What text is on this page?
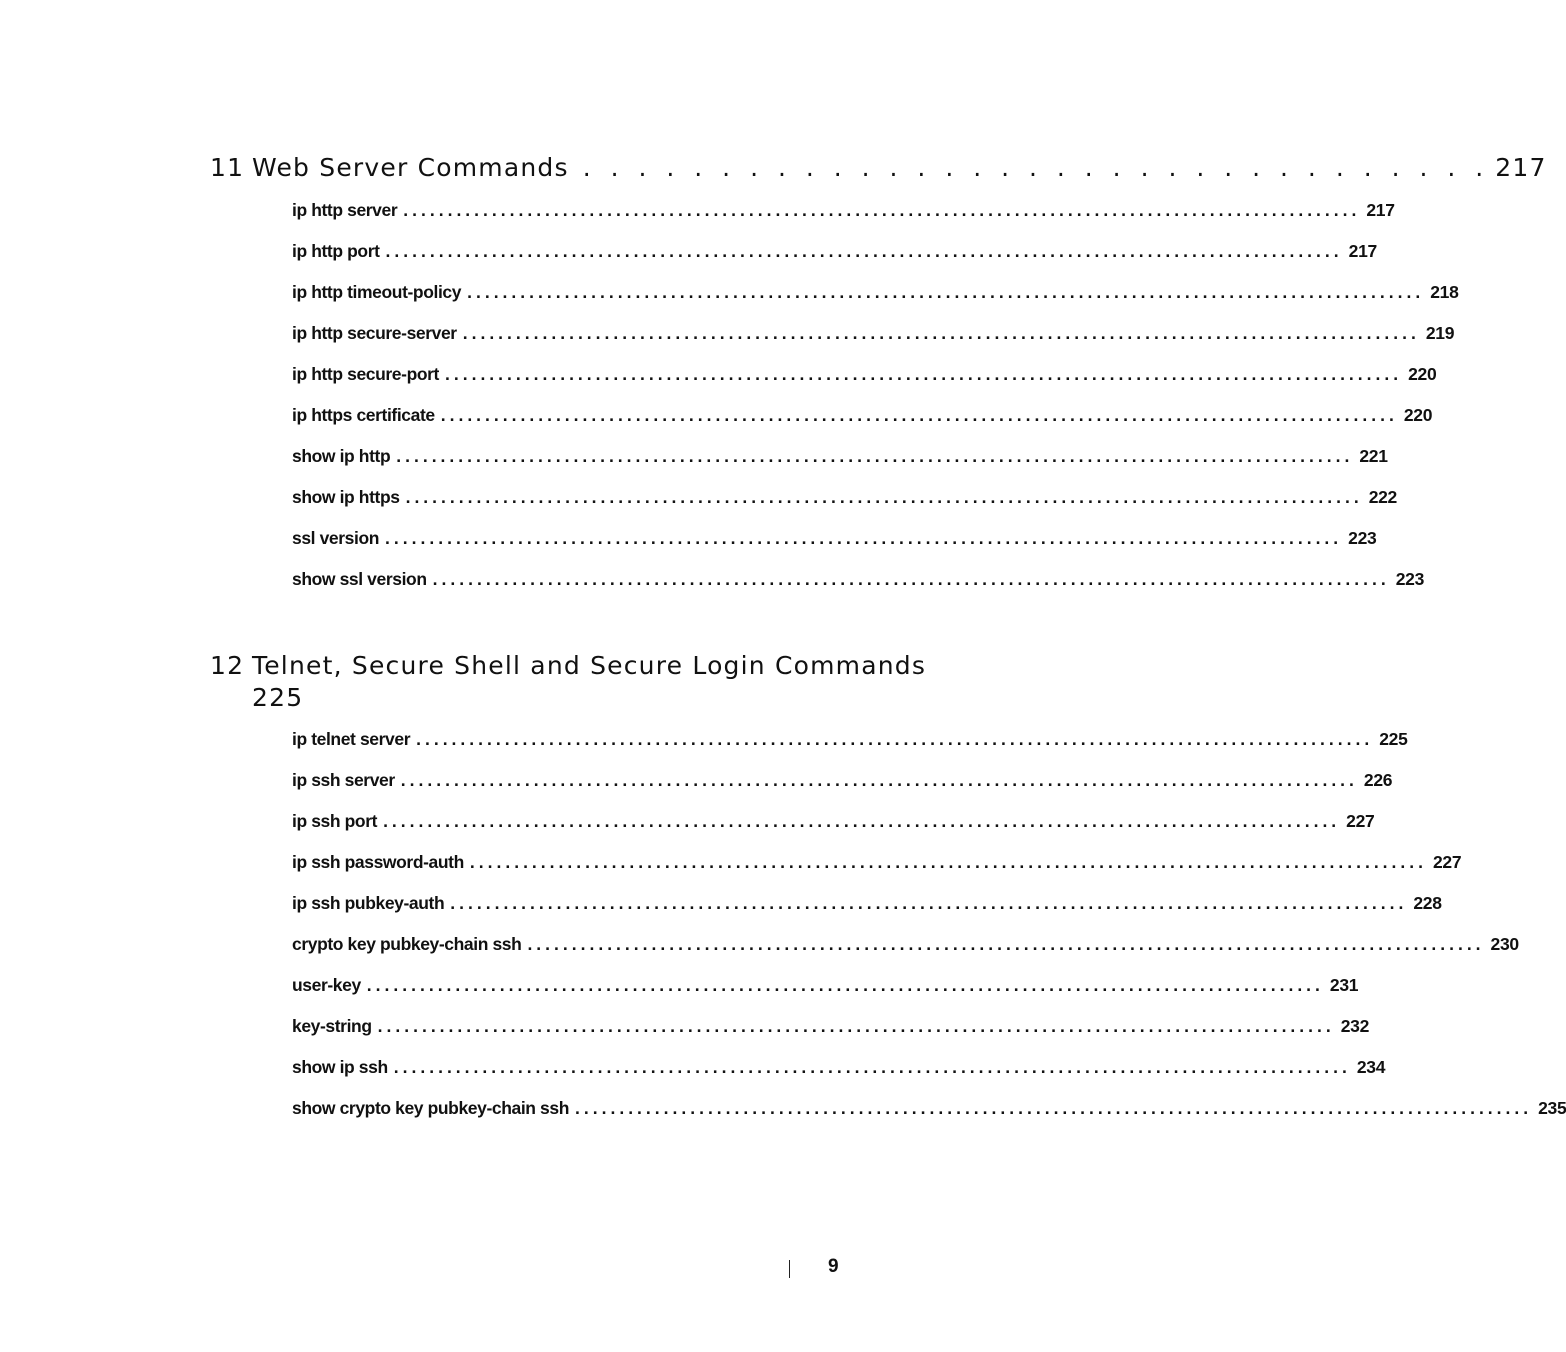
11 Web Server Commands . . . . . . . . . . . . . . . . . . . . . . . . . . . . . . . . . 217
ip http server ............................................................................................................ 217
ip http port ............................................................................................................ 217
ip http timeout-policy ............................................................................................................ 218
ip http secure-server ............................................................................................................ 219
ip http secure-port ............................................................................................................ 220
ip https certificate ............................................................................................................ 220
show ip http ............................................................................................................ 221
show ip https ............................................................................................................ 222
ssl version ............................................................................................................ 223
show ssl version ............................................................................................................ 223
12 Telnet, Secure Shell and Secure Login Commands
225
ip telnet server ............................................................................................................ 225
ip ssh server ............................................................................................................ 226
ip ssh port ............................................................................................................ 227
ip ssh password-auth ............................................................................................................ 227
ip ssh pubkey-auth ............................................................................................................ 228
crypto key pubkey-chain ssh ............................................................................................................ 230
user-key ............................................................................................................ 231
key-string ............................................................................................................ 232
show ip ssh ............................................................................................................ 234
show crypto key pubkey-chain ssh ............................................................................................................ 235
9
